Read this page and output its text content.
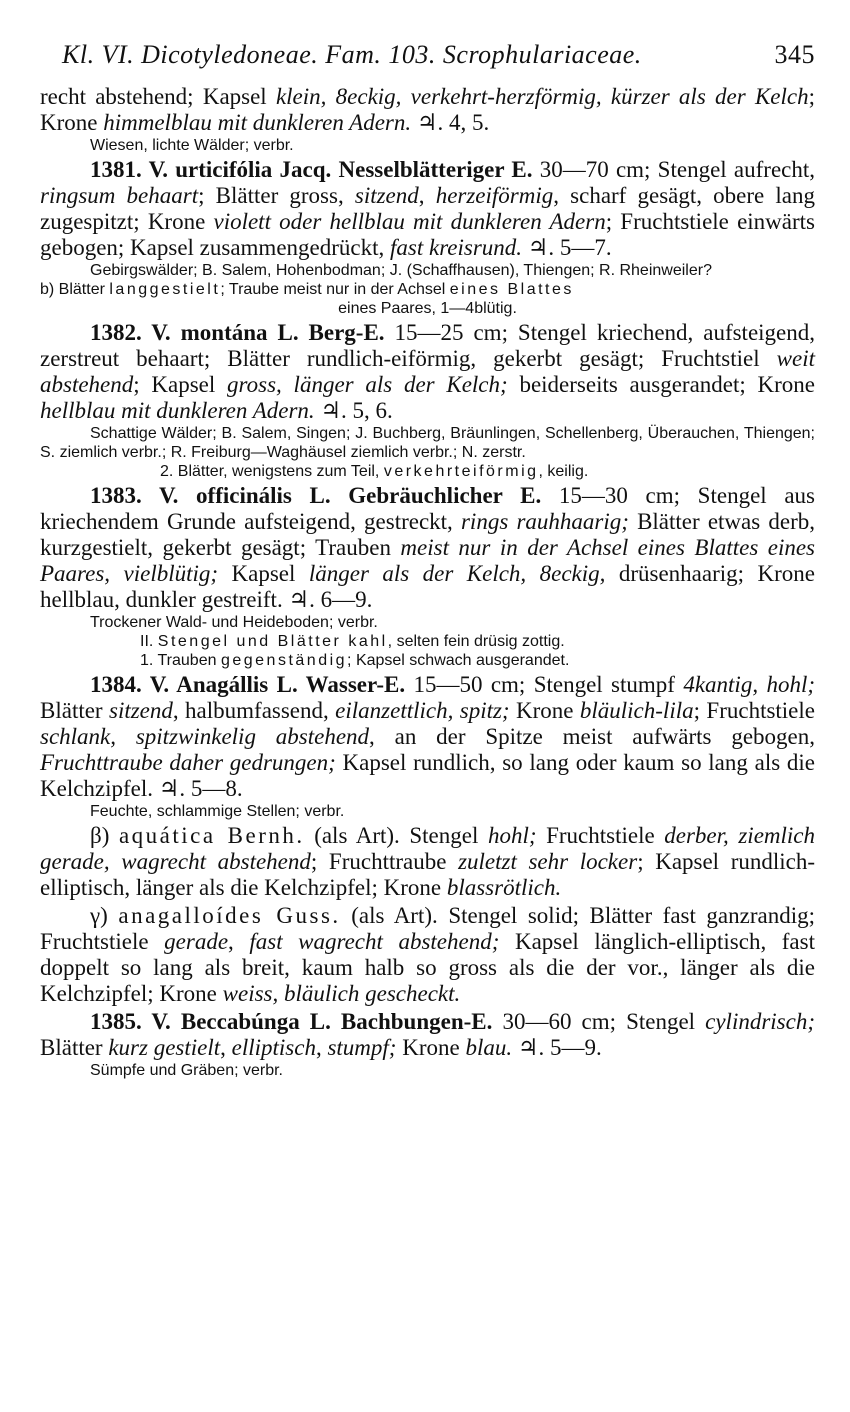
Kl. VI. Dicotyledoneae. Fam. 103. Scrophulariaceae.	345

recht abstehend; Kapsel klein, 8eckig, verkehrt-herzförmig, kürzer als der Kelch; Krone himmelblau mit dunkleren Adern. ♃. 4, 5.

Wiesen, lichte Wälder; verbr.

1381. V. urticifólia Jacq. Nesselblätteriger E. 30—70 cm; Stengel aufrecht, ringsum behaart; Blätter gross, sitzend, herzeiförmig, scharf gesägt, obere lang zugespitzt; Krone violett oder hellblau mit dunkleren Adern; Fruchtstiele einwärts gebogen; Kapsel zusammengedrückt, fast kreisrund. ♃. 5—7.

Gebirgswälder; B. Salem, Hohenbodman; J. (Schaffhausen), Thiengen; R. Rheinweiler?

b) Blätter langgestielt; Traube meist nur in der Achsel eines Blattes
eines Paares, 1—4blütig.

1382. V. montána L. Berg-E. 15—25 cm; Stengel kriechend, aufsteigend, zerstreut behaart; Blätter rundlich-eiförmig, gekerbt gesägt; Fruchtstiel weit abstehend; Kapsel gross, länger als der Kelch; beiderseits ausgerandet; Krone hellblau mit dunkleren Adern. ♃. 5, 6.

Schattige Wälder; B. Salem, Singen; J. Buchberg, Bräunlingen, Schellenberg, Überauchen, Thiengen; S. ziemlich verbr.; R. Freiburg—Waghäusel ziemlich verbr.; N. zerstr.

2. Blätter, wenigstens zum Teil, verkehrteiförmig, keilig.

1383. V. officinális L. Gebräuchlicher E. 15—30 cm; Stengel aus kriechendem Grunde aufsteigend, gestreckt, rings rauhhaarig; Blätter etwas derb, kurzgestielt, gekerbt gesägt; Trauben meist nur in der Achsel eines Blattes eines Paares, vielblütig; Kapsel länger als der Kelch, 8eckig, drüsenhaarig; Krone hellblau, dunkler gestreift. ♃. 6—9.

Trockener Wald- und Heideboden; verbr.

II. Stengel und Blätter kahl, selten fein drüsig zottig.

1. Trauben gegenständig; Kapsel schwach ausgerandet.

1384. V. Anagállis L. Wasser-E. 15—50 cm; Stengel stumpf 4kantig, hohl; Blätter sitzend, halbumfassend, eilanzettlich, spitz; Krone bläulich-lila; Fruchtstiele schlank, spitzwinkelig abstehend, an der Spitze meist aufwärts gebogen, Fruchttraube daher gedrungen; Kapsel rundlich, so lang oder kaum so lang als die Kelchzipfel. ♃. 5—8.

Feuchte, schlammige Stellen; verbr.

β) aquática Bernh. (als Art). Stengel hohl; Fruchtstiele derber, ziemlich gerade, wagrecht abstehend; Fruchttraube zuletzt sehr locker; Kapsel rundlich-elliptisch, länger als die Kelchzipfel; Krone blassrötlich.

γ) anagalloídes Guss. (als Art). Stengel solid; Blätter fast ganzrandig; Fruchtstiele gerade, fast wagrecht abstehend; Kapsel länglich-elliptisch, fast doppelt so lang als breit, kaum halb so gross als die der vor., länger als die Kelchzipfel; Krone weiss, bläulich gescheckt.

1385. V. Beccabúnga L. Bachbungen-E. 30—60 cm; Stengel cylindrisch; Blätter kurz gestielt, elliptisch, stumpf; Krone blau. ♃. 5—9.

Sümpfe und Gräben; verbr.
